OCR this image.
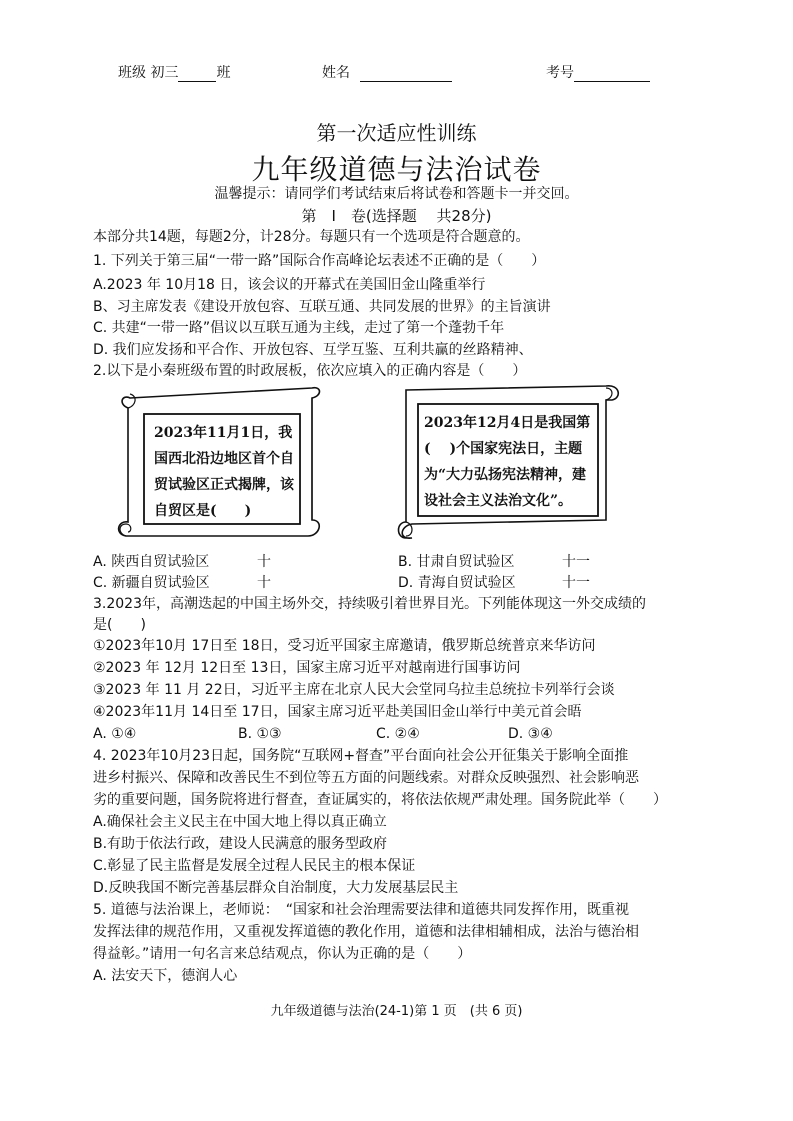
班级 初三	班	姓名	考号
第一次适应性训练
九年级道德与法治试卷
温馨提示：请同学们考试结束后将试卷和答题卡一并交回。
第　Ⅰ　卷(选择题　 共28分)
本部分共14题，每题2分，计28分。每题只有一个选项是符合题意的。
1. 下列关于第三届“一带一路”国际合作高峰论坛表述不正确的是（　　）
A.2023 年 10月18 日，该会议的开幕式在美国旧金山隆重举行
B、习主席发表《建设开放包容、互联互通、共同发展的世界》的主旨演讲
C. 共建“一带一路”倡议以互联互通为主线，走过了第一个蓬勃千年
D. 我们应发扬和平合作、开放包容、互学互鉴、互利共赢的丝路精神、
2.以下是小秦班级布置的时政展板，依次应填入的正确内容是（　　）
2023年11月1日，我国西北沿边地区首个自贸试验区正式揭牌，该自贸区是(　　)
2023年12月4日是我国第(　 )个国家宪法日，主题为“大力弘扬宪法精神，建设社会主义法治文化”。
A. 陕西自贸试验区	十	B. 甘肃自贸试验区	十一
C. 新疆自贸试验区	十	D. 青海自贸试验区	十一
3.2023年，高潮迭起的中国主场外交，持续吸引着世界目光。下列能体现这一外交成绩的
是(　　)
①2023年10月 17日至 18日，受习近平国家主席邀请，俄罗斯总统普京来华访问
②2023 年 12月 12日至 13日，国家主席习近平对越南进行国事访问
③2023 年 11 月 22日，习近平主席在北京人民大会堂同乌拉圭总统拉卡列举行会谈
④2023年11月 14日至 17日，国家主席习近平赴美国旧金山举行中美元首会晤
A. ①④	B. ①③	C. ②④	D. ③④
4. 2023年10月23日起，国务院“互联网+督查”平台面向社会公开征集关于影响全面推
进乡村振兴、保障和改善民生不到位等五方面的问题线索。对群众反映强烈、社会影响恶
劣的重要问题，国务院将进行督查，查证属实的，将依法依规严肃处理。国务院此举（　　）
A.确保社会主义民主在中国大地上得以真正确立
B.有助于依法行政，建设人民满意的服务型政府
C.彰显了民主监督是发展全过程人民民主的根本保证
D.反映我国不断完善基层群众自治制度，大力发展基层民主
5. 道德与法治课上，老师说：　“国家和社会治理需要法律和道德共同发挥作用，既重视
发挥法律的规范作用，又重视发挥道德的教化作用，道德和法律相辅相成，法治与德治相
得益彰。”请用一句名言来总结观点，你认为正确的是（　　）
A. 法安天下，德润人心
九年级道德与法治(24-1)第 1 页　(共 6 页)
